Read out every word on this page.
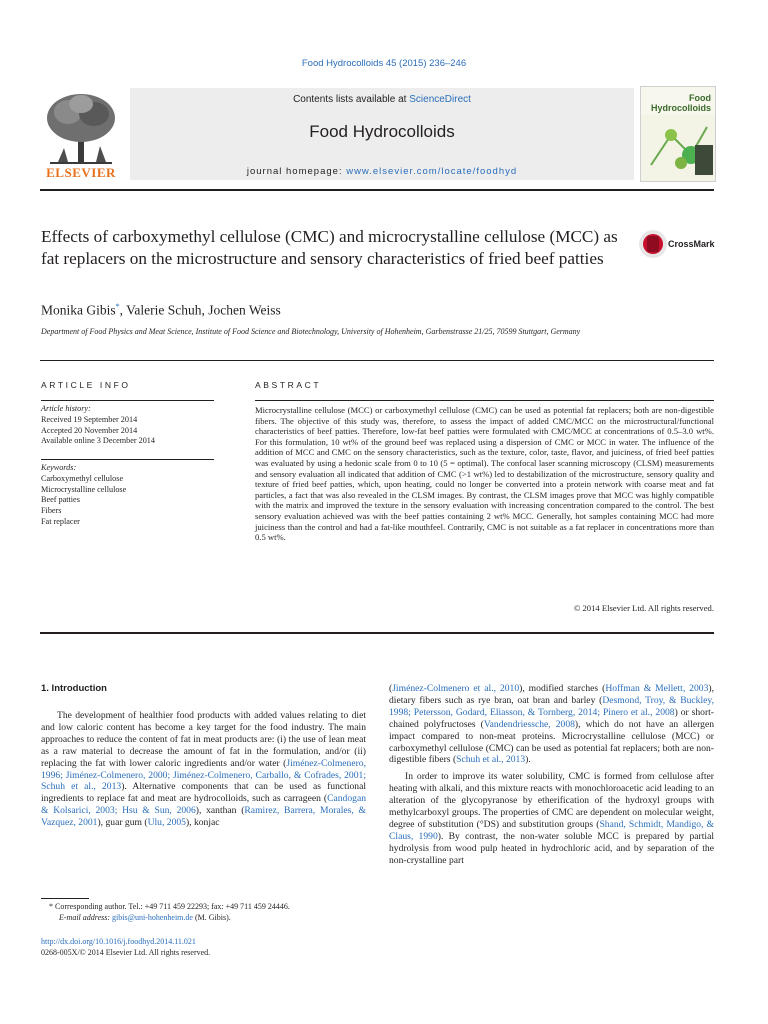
Food Hydrocolloids 45 (2015) 236–246
ELSEVIER
Contents lists available at ScienceDirect
Food Hydrocolloids
journal homepage: www.elsevier.com/locate/foodhyd
Food
Hydrocolloids
Effects of carboxymethyl cellulose (CMC) and microcrystalline cellulose (MCC) as fat replacers on the microstructure and sensory characteristics of fried beef patties
CrossMark
Monika Gibis*, Valerie Schuh, Jochen Weiss
Department of Food Physics and Meat Science, Institute of Food Science and Biotechnology, University of Hohenheim, Garbenstrasse 21/25, 70599 Stuttgart, Germany
ARTICLE INFO	ABSTRACT
Article history:
Received 19 September 2014
Accepted 20 November 2014
Available online 3 December 2014
Keywords:
Carboxymethyl cellulose
Microcrystalline cellulose
Beef patties
Fibers
Fat replacer
Microcrystalline cellulose (MCC) or carboxymethyl cellulose (CMC) can be used as potential fat replacers; both are non-digestible fibers. The objective of this study was, therefore, to assess the impact of added CMC/MCC on the microstructural/functional characteristics of beef patties. Therefore, low-fat beef patties were formulated with CMC/MCC at concentrations of 0.5–3.0 wt%. For this formulation, 10 wt% of the ground beef was replaced using a dispersion of CMC or MCC in water. The influence of the addition of MCC and CMC on the sensory characteristics, such as the texture, color, taste, flavor, and juiciness, of fried beef patties was evaluated by using a hedonic scale from 0 to 10 (5 = optimal). The confocal laser scanning microscopy (CLSM) measurements and sensory evaluation all indicated that addition of CMC (>1 wt%) led to destabilization of the microstructure, sensory quality and texture of fried beef patties, which, upon heating, could no longer be converted into a protein network with coarse meat and fat particles, a fact that was also revealed in the CLSM images. By contrast, the CLSM images prove that MCC was highly compatible with the matrix and improved the texture in the sensory evaluation with increasing concentration compared to the control. The best sensory evaluation achieved was with the beef patties containing 2 wt% MCC. Generally, hot samples containing MCC had more juiciness than the control and had a fat-like mouthfeel. Contrarily, CMC is not suitable as a fat replacer in concentrations more than 0.5 wt%.
© 2014 Elsevier Ltd. All rights reserved.
1. Introduction

The development of healthier food products with added values relating to diet and low caloric content has become a key target for the food industry. The main approaches to reduce the content of fat in meat products are: (i) the use of lean meat as a raw material to decrease the amount of fat in the formulation, and/or (ii) replacing the fat with lower caloric ingredients and/or water (Jiménez-Colmenero, 1996; Jiménez-Colmenero, 2000; Jiménez-Colmenero, Carballo, & Cofrades, 2001; Schuh et al., 2013). Alternative components that can be used as functional ingredients to replace fat and meat are hydrocolloids, such as carrageen (Candogan & Kolsarici, 2003; Hsu & Sun, 2006), xanthan (Ramirez, Barrera, Morales, & Vazquez, 2001), guar gum (Ulu, 2005), konjac

(Jiménez-Colmenero et al., 2010), modified starches (Hoffman & Mellett, 2003), dietary fibers such as rye bran, oat bran and barley (Desmond, Troy, & Buckley, 1998; Petersson, Godard, Eliasson, & Tornberg, 2014; Pinero et al., 2008) or short-chained polyfructoses (Vandendriessche, 2008), which do not have an allergen impact compared to non-meat proteins. Microcrystalline cellulose (MCC) or carboxymethyl cellulose (CMC) can be used as potential fat replacers; both are non-digestible fibers (Schuh et al., 2013).

In order to improve its water solubility, CMC is formed from cellulose after heating with alkali, and this mixture reacts with monochloroacetic acid leading to an alteration of the glycopyranose by etherification of the hydroxyl groups with methylcarboxyl groups. The properties of CMC are dependent on molecular weight, degree of substitution (°DS) and substitution groups (Shand, Schmidt, Mandigo, & Claus, 1990). By contrast, the non-water soluble MCC is prepared by partial hydrolysis from wood pulp heated in hydrochloric acid, and by separation of the non-crystalline part

* Corresponding author. Tel.: +49 711 459 22293; fax: +49 711 459 24446.
E-mail address: gibis@uni-hohenheim.de (M. Gibis).
http://dx.doi.org/10.1016/j.foodhyd.2014.11.021
0268-005X/© 2014 Elsevier Ltd. All rights reserved.
